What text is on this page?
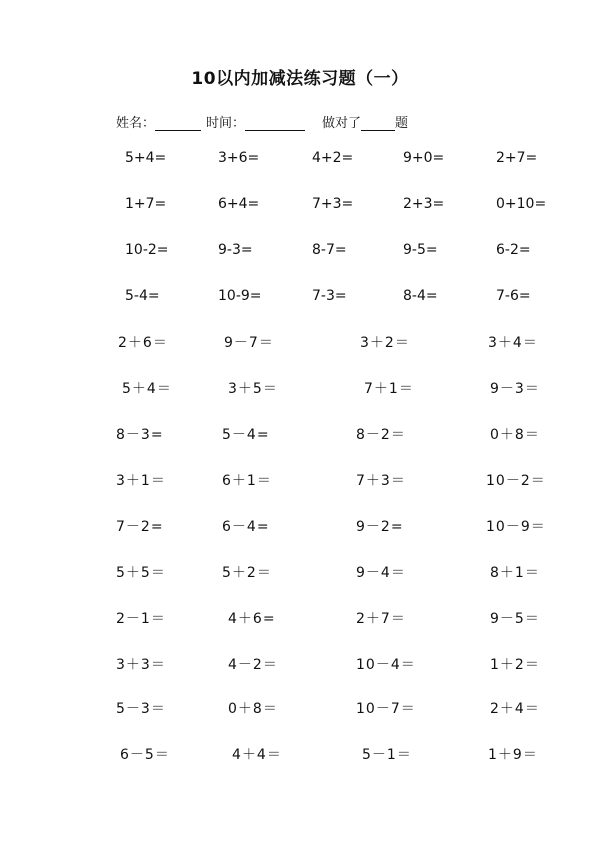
10以内加减法练习题（一）
姓名：	时间：	做对了	题
5+4=	3+6=	4+2=	9+0=	2+7=
1+7=	6+4=	7+3=	2+3=	0+10=
10-2=	9-3=	8-7=	9-5=	6-2=
5-4=	10-9=	7-3=	8-4=	7-6=
2＋6＝	9－7＝	3＋2＝	3＋4＝
5＋4＝	3＋5＝	7＋1＝	9－3＝
8－3=	5－4=	8－2＝	0＋8＝
3＋1＝	6＋1＝	7＋3＝	10－2＝
7－2=	6－4=	9－2=	10－9＝
5＋5＝	5＋2＝	9－4＝	8＋1＝
2－1＝	4＋6=	2＋7＝	9－5＝
3＋3＝	4－2＝	10－4＝	1＋2＝
5－3＝	0＋8＝	10－7＝	2＋4＝
6－5＝	4＋4＝	5－1＝	1＋9＝
